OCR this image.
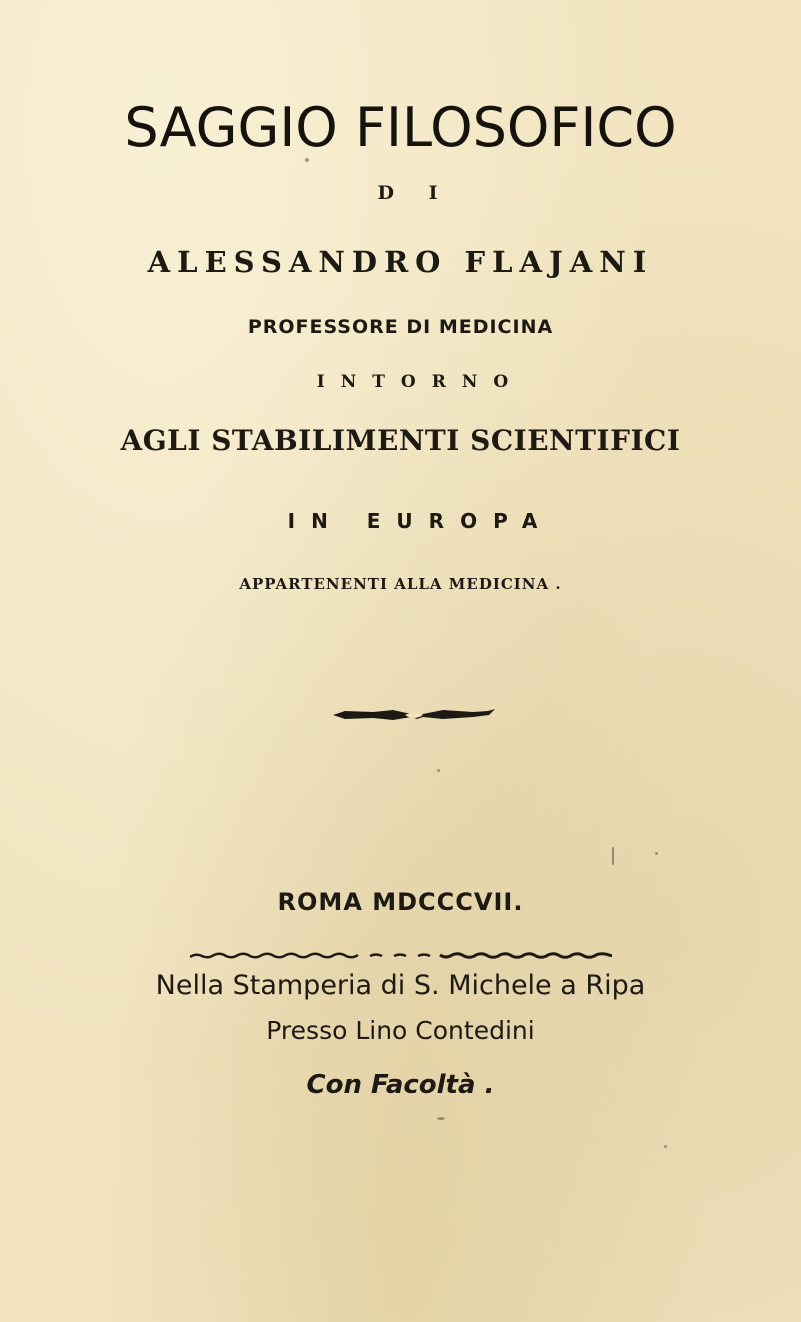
SAGGIO FILOSOFICO
D I
ALESSANDRO FLAJANI
PROFESSORE DI MEDICINA
INTORNO
AGLI STABILIMENTI SCIENTIFICI
IN EUROPA
APPARTENENTI ALLA MEDICINA .
ROMA MDCCCVII.
Nella Stamperia di S. Michele a Ripa
Presso Lino Contedini
Con Facoltà .
